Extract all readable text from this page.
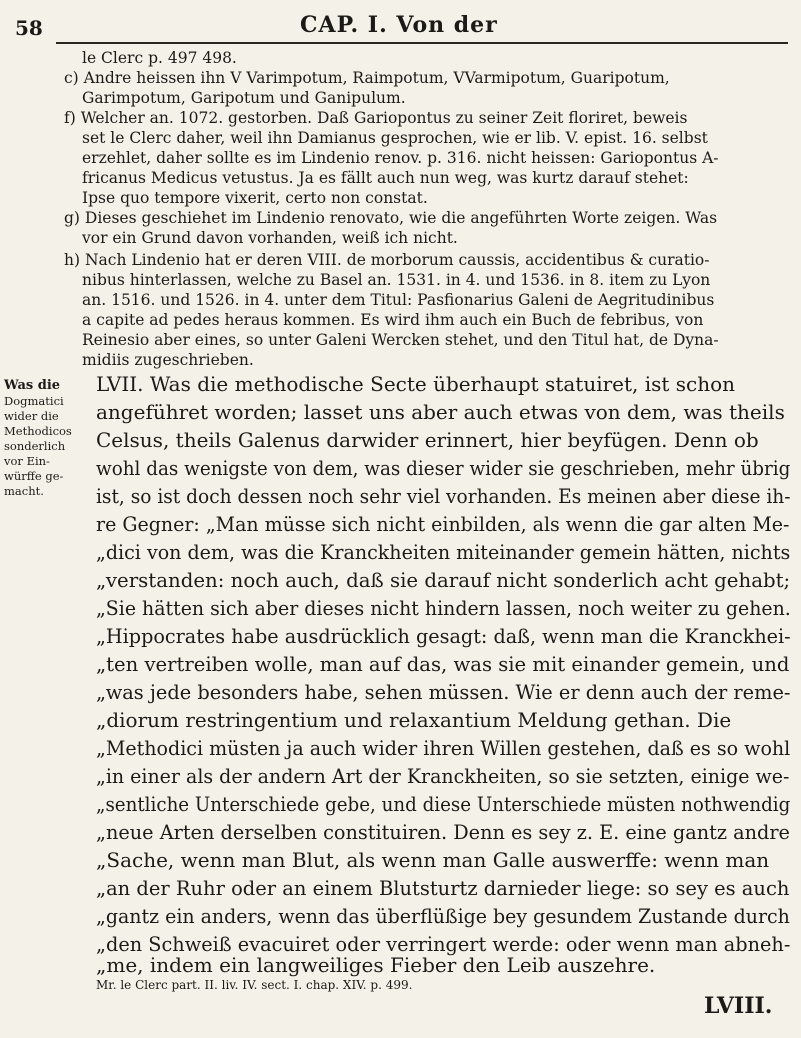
58	CAP. I. Von der
le Clerc p. 497 498.
c) Andre heissen ihn V Varimpotum, Raimpotum, VVarmipotum, Guaripotum,
Garimpotum, Garipotum und Ganipulum.
f) Welcher an. 1072. gestorben. Daß Gariopontus zu seiner Zeit floriret, beweis
set le Clerc daher, weil ihn Damianus gesprochen, wie er lib. V. epist. 16. selbst
erzehlet, daher sollte es im Lindenio renov. p. 316. nicht heissen: Gariopontus A-
fricanus Medicus vetustus. Ja es fällt auch nun weg, was kurtz darauf stehet:
Ipse quo tempore vixerit, certo non constat.
g) Dieses geschiehet im Lindenio renovato, wie die angeführten Worte zeigen. Was
vor ein Grund davon vorhanden, weiß ich nicht.
h) Nach Lindenio hat er deren VIII. de morborum caussis, accidentibus & curatio-
nibus hinterlassen, welche zu Basel an. 1531. in 4. und 1536. in 8. item zu Lyon
an. 1516. und 1526. in 4. unter dem Titul: Pasfionarius Galeni de Aegritudinibus
a capite ad pedes heraus kommen. Es wird ihm auch ein Buch de febribus, von
Reinesio aber eines, so unter Galeni Wercken stehet, und den Titul hat, de Dyna-
midiis zugeschrieben.
Was die
Dogmatici
wider die
Methodicos
sonderlich
vor Ein-
würffe ge-
macht.
LVII. Was die methodische Secte überhaupt statuiret, ist schon
angeführet worden; lasset uns aber auch etwas von dem, was theils
Celsus, theils Galenus darwider erinnert, hier beyfügen. Denn ob
wohl das wenigste von dem, was dieser wider sie geschrieben, mehr übrig
ist, so ist doch dessen noch sehr viel vorhanden. Es meinen aber diese ih-
re Gegner: „Man müsse sich nicht einbilden, als wenn die gar alten Me-
„dici von dem, was die Kranckheiten miteinander gemein hätten, nichts
„verstanden: noch auch, daß sie darauf nicht sonderlich acht gehabt;
„Sie hätten sich aber dieses nicht hindern lassen, noch weiter zu gehen.
„Hippocrates habe ausdrücklich gesagt: daß, wenn man die Kranckhei-
„ten vertreiben wolle, man auf das, was sie mit einander gemein, und
„was jede besonders habe, sehen müssen. Wie er denn auch der reme-
„diorum restringentium und relaxantium Meldung gethan. Die
„Methodici müsten ja auch wider ihren Willen gestehen, daß es so wohl
„in einer als der andern Art der Kranckheiten, so sie setzten, einige we-
„sentliche Unterschiede gebe, und diese Unterschiede müsten nothwendig
„neue Arten derselben constituiren. Denn es sey z. E. eine gantz andre
„Sache, wenn man Blut, als wenn man Galle auswerffe: wenn man
„an der Ruhr oder an einem Blutsturtz darnieder liege: so sey es auch
„gantz ein anders, wenn das überflüßige bey gesundem Zustande durch
„den Schweiß evacuiret oder verringert werde: oder wenn man abneh-
„me, indem ein langweiliges Fieber den Leib auszehre.
Mr. le Clerc part. II. liv. IV. sect. I. chap. XIV. p. 499.
LVIII.
